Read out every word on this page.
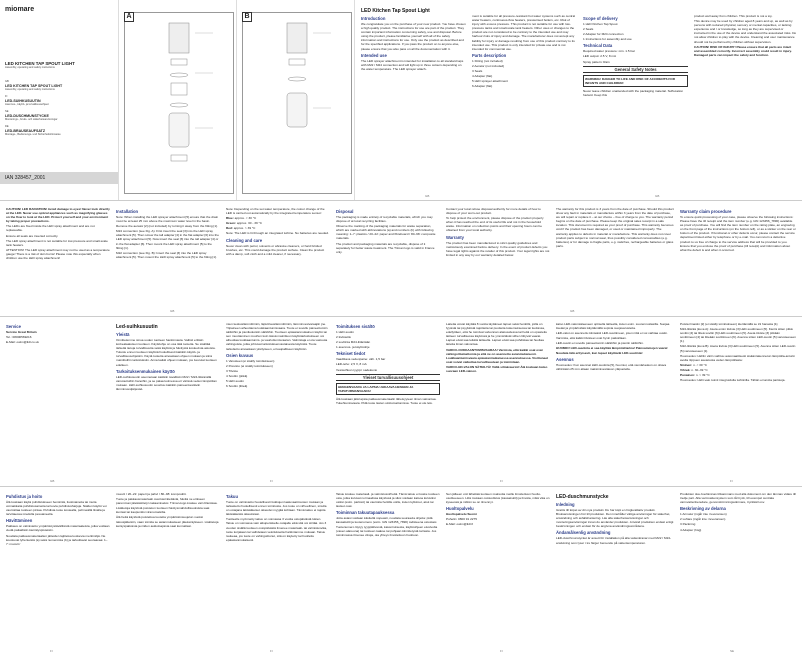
miomare
LED KITCHEN TAP SPOUT LIGHT
Assembly, operating and safety instructions
GB
LED KITCHEN TAP SPOUT LIGHT
Assembly, operating and safety instructions
FI
LED-SUIHKUSUUTIN
Asennus-, käyttö- ja turvallisuusohjeet
SE
LED-DUSCHMUNSTYCKE
Monterings-, bruks- och säkerhetsanvisningar
DE
LED-BRAUSEAUFSATZ
Montage-, Bedienungs- und Sicherheitshinweise
IAN 328457_2001
A	B
LED Kitchen Tap Spout Light
Introduction
We congratulate you on the purchase of your new product. You have chosen a high quality product. The instructions for use are part of the product. They contain important information concerning safety, use and disposal. Before using the product, please familiarise yourself with all of the safety information and instructions for use. Only use the product as described and for the specified applications. If you pass the product on to anyone else, please ensure that you also pass on all the documentation with it.
Intended use
The LED sprayer attachment is intended for installation to all standard taps with M22 / M24 connection and will light up in three colours depending on the water temperature. The LED sprayer attach-
ment is suitable for all pressure-resistant hot water systems such as central water heaters, continuous-flow heaters, pressurised boilers, etc. Risk of injury with excess pressure. This product is not suitable for use with low-pressure tanks and small-scale tank heaters. Other uses or changes to the product are not considered to be contrary to the intended use and may harbour risks of injury and damage. The manufacturer does not accept any liability for injury or damage resulting from use of this product contrary to its intended use. This product is only intended for private use and is not intended for commercial use.
Parts description
1 Fitting (not included)
2 Aerator (not included)
3 Seals
4 Adapter (flat)
5 LED sprayer attachment
6 Adapter (flat)
Scope of delivery
1 LED Kitchen Tap Spout
2 Seals
2 Adapter for M24 connection
1 Instructions for assembly and use
Technical Data
Required water pressure: min. 1.5 bar
LED output: 2.5 V, 8 mA
Spray pattern: Rain
General Safety Notes
WARNING! DANGER TO LIFE AND RISK OF ACCIDENTS FOR INFANTS AND CHILDREN!
Never leave children unattended with the packaging material. Suffocation hazard. Keep this
product well away from children. This product is not a toy.
This device may be used by children aged 8 years and up, as well as by persons with reduced physical, sensory or mental capacities, or lacking experience and / or knowledge, so long as they are supervised or instructed in the use of the device and understand the associated risks. Do not allow children to play with the device. Cleaning and user maintenance should not be performed by children without supervision.
CAUTION! RISK OF INJURY! Please ensure that all parts are intact and assembled correctly. Incorrect assembly could result in injury. Damaged parts can impact the safety and function.
GB	GB
CAUTION! LED RADIATION! Avoid damage to eyes! Never look directly at the LED. Never use optical appliances such as magnifying glasses on the flow to look at the LED. Protect yourself and your environment by taking proper precautions.
The LEDs are fixed inside the LED spray attachment and are not replaceable.
Ensure all seals are inserted correctly.
The LED spray attachment is not suitable for low pressure and small-scale tank heaters.
ATTENTION! The LED spray attachment may not be used as a temperature gauge! There is a risk of skin burns! Please note this especially when children use the LED spray attachment!
Installation
Note: When installing the LED sprayer attachment [5] ensure that the drain must be at least 25 mm above the maximum water level in the basin.
Remove the aerator [2] (not included) by turning it away from the fitting [1].
M24 connection (see Fig. A): First insert the seal [3] into the LED spray attachment [5]. Then screw the tall adapter [4] in the flat adapter [6] into the LED spray attachment [5]. Now insert the seal [3] into the tall adapter [4] or in the flat adapter [6]. Then mount the LED spray attachment [5] to the fitting [1].
M22 connection (see Fig. B): Insert the seal [3] into the LED spray attachment [5]. Then mount the LED spray attachment [5] to the fitting [1].
Note: Depending on the set water temperature, the colour change of the LED is carried out automatically by the integrated temperature sensor:
Blue: approx. < 30 °C
Green: approx. 30 - 39 °C
Red: approx. > 39 °C
Note: The LED is lit through an integrated turbine. No batteries are needed.
Cleaning and care
Never clean with petrol, solvents or abrasive cleaners, or hard bristled brushes, etc. This could damage the product surface. Clean the product with a damp, soft cloth and a mild cleaner, if necessary.
Disposal
The packaging is made entirely of recyclable materials, which you may dispose of at local recycling facilities.
Observe the marking of the packaging materials for waste separation, which are marked with abbreviations (a) and numbers (b) with following meaning: 1–7: plastics / 20–22: paper and fibreboard / 80–98: composite materials.
The product and packaging materials are recyclable, dispose of it separately for better waste treatment. The Triman logo is valid in France only.
Contact your local refuse disposal authority for more details of how to dispose of your worn-out product.
To help protect the environment, please dispose of the product properly when it has reached the end of its useful life and not in the household waste. Information on collection points and their opening hours can be obtained from your local authority.
Warranty
The product has been manufactured to strict quality guidelines and meticulously examined before delivery. In the event of product defects you have legal rights against the retailer of this product. Your legal rights are not limited in any way by our warranty detailed below.
The warranty for this product is 3 years from the date of purchase. Should this product show any fault in materials or manufacture within 3 years from the date of purchase, we will repair or replace it – at our choice – free of charge to you. The warranty period begins on the date of purchase. Please keep the original sales receipt in a safe location. This document is required as your proof of purchase. This warranty becomes void if the product has been damaged, or used or maintained improperly. The warranty applies to defects in material or manufacture. This warranty does not cover product parts subject to normal wear, thus possibly considered consumables (e.g. batteries) or for damage to fragile parts, e.g. switches, rechargeable batteries or glass parts.
Warranty claim procedure
To ensure quick processing of your case, please observe the following instructions: Please have the till receipt and the item number (e.g. IAN 123456_7890) available as proof of purchase. You will find the item number on the rating plate, an engraving on the front page of the instructions (on the bottom left), or as a sticker on the rear or bottom of the product. If functional or other defects occur, please contact the service department listed either by telephone or by e-mail. You can return a defective product to us free of charge to the service address that will be provided to you. Ensure that you enclose the proof of purchase (till receipt) and information about what the defect is and when it occurred.
GB	GB
Service
Service Great Britain
Tel.: 08000569216
E-Mail: owim@lidl.co.uk
Led-suihkusuutin
Yleistä
Onnittelemme sinua uuden tuotteen hankinnasta. Valitsit erittäin korkealaatuisen tuotteen. Käyttöohje on osa tätä tuotetta. Se sisältää tärkeitä tietoja turvallisuutta sekä käyttöä ja hävitystä koskevista asioista. Tutustu ennen tuotteen käyttöä huolellisesti kaikkiin käyttö- ja turvallisuusohjeisiin. Käytä tuotetta ainoastaan ohjeen mukaan ja siinä mainittuihin tarkoituksiin. Anna kaikki ohjeet mukaan, jos luovutat tuotteen edelleen.
Tarkoituksenmukainen käyttö
LED-suihkusuutin asennetaan kaikkiin tavallisiin M22 / M24-liitännällä varustettuihin hanoihin, ja se palaa kolmessa eri värissä veden lämpötilan mukaan. LED-suihkusuutin soveltuu kaikkiin paineenkestäviin lämminvesijärjestel-
mien keskuslämmittimiin, läpivirtauslämmittimiin, lämminvesivaraajiin jne. Ylipaineen aiheuttama loukkaantumisvaara. Tuote ei sovellu paineettomiin säiliöihin ja pienikokoisiin säiliöihin. Tuotteen epäasianmukainen käyttö tai sen muuttaminen muuhun kuin tässä mainittuun käyttötarkoitukseen voi aiheuttaa loukkaantumis- ja vaurioitumisvaaran. Valmistaja ei ota vastuuta vahingoista, jotka johtuvat tarkoituksenvastaisesta käytöstä. Tuote tarkoitettu ainoastaan yksityiseen, ei kaupalliseen käyttöön.
Osien kuvaus
1 Varusteet (ei sisälly toimitukseen)
2 Poreisto (ei sisälly toimitukseen)
3 Tiiviste
4 Sovitin (pitkä)
5 LED-suutin
6 Sovitin (litteä)
Toimituksen sisältö
1 LED-suutin
2 tiivistettä
2 sovitinta M24-liitäntään
1 asennus- ja käyttöohje
Tekniset tiedot
Vaadittava vedenpaine: väh. 1,5 bar
LED-teho: 2,5 V, 8 mA
Vesisuihkun tyyppi: sadekuvio
Yleiset turvallisuusohjeet
HENGENVAARA JA LAPSIA UHKAAVA HENGEN JA TAPATURMANVAARA!
Älä koskaan jätä lapsia pakkausmateriaalin läheisyyteen ilman valvontaa. Tukehtumisvaara. Pidä tuote lasten ulottumattomissa. Tuote ei ole lelu.
Laitetta voivat käyttää 8 vuotta täyttäneet lapset sekä henkilöt, joilla on fyysisiä tai psyykkisiä rajoitteita tai puutteita kokemuksessa tai tiedoissa, edellyttäen, että he toimivat valvonnan alaisuudessa tai heitä on opastettu laitteen turvallisessa käytössä ja he ymmärtävät siihen liittyvät vaarat. Lapset eivät saa leikkiä laitteella. Lapset eivät saa puhdistaa tai huoltaa laitetta ilman valvontaa.
VAROI LOUKKAANTUMISVAARAA! Varmista, että kaikki osat ovat vahingoittumattomia ja että ne on asennettu asianmukaisesti. Loukkaantumisvaara epäasianmukaisessa asennuksessa. Vioittuneet osat voivat vaikuttaa turvallisuuteen ja toimintaan.
VAROI LED-VALON SÄTEILYÄ! Vältä silmävauriot! Älä koskaan katso suoraan LED-valoon.
katso LED-valonsäteeseen optisella laitteella, kuten esim. suurennuslasilla. Suojaa itseäsi ja ympäristöäsi käyttämällä sopivia suojavarusteita.
LED-valot on asennettu kiinteästi LED-suuttimeen, joten niitä ei voi vaihtaa uusiin.
Varmista, että kaikki tiivisteet ovat hyvin paikoillaan.
LED-suutin ei sovellu paineettomiin säiliöihin ja pieniin säiliöihin.
HUOMIO! LED-suutinta ei saa käyttää lämpömittarina! Palovammojen vaara! Noudata tätä erityisesti, kun lapset käyttävät LED-suutinta!
Asennus
Huomautus: Kun asennat LED-suutinta [5], huomioi, että viemäriaukon on oltava vähintään 25 mm altaan maksimivesitason yläpuolella.
Poista ilmastin [2] (ei sisälly toimitukseen) kiertämällä se irti hanasta [1].
M24-liitäntä (kuva A): Aseta ensin tiiviste [3] LED-suuttimeen [5]. Kierrä sitten pitkä sovitin [4] tai litteä sovitin [6] LED-suuttimeen [5]. Aseta tiiviste [3] pitkään sovittimeen [4] tai litteään sovittimeen [6]. Asenna sitten LED-suutin [5] varusteeseen [1].
M22-liitäntä (kuva B): Aseta tiiviste [3] LED-suuttimeen [5]. Asenna sitten LED-suutin [5] varusteeseen [1].
Huomautus: LEDin värin vaihtuu automaattisesti sisäänrakennetun lämpötila-anturin avulla riippuen asetetusta veden lämpötilasta:
Sininen: n. < 30 °C
Vihreä: n. 30–39 °C
Punainen: n. > 39 °C
Huomautus: LED-valo toimii integroidulla turbiinilla. Tähän ei tarvita paristoja.
GB	FI	FI	FI
Puhdistus ja hoito
Älä koskaan käytä puhdistukseen bensiiniä, liuotinaineita tai muita voimakkaita puhdistusaineita tai kovia puhdistusharjoja. Näiden käyttö voi vaurioittaa tuotteen pintaa. Puhdista tuote kostealla, pehmeällä liinalla ja tarvittaessa miedolla pesuaineella.
Hävittäminen
Pakkaus on valmistettu ympäristöystävällisistä materiaaleista, jotka voidaan viedä paikallisiin kierrätyspisteisiin.
Noudata pakkausmateriaalien jätteiden lajittelua koskevia merkintöjä. Ne koostuvat lyhenteistä (a) sekä numeroista (b) ja tarkoittavat seuraavaa: 1–7: muovit /
muovit / 20–22: paperi ja pahvi / 80–98: komposiitit.
Tuote ja pakkausmateriaali ovat kierrätettäviä, hävitä ne erikseen paremman jätekäsittelyn takaamiseksi. Triman-logo koskee vain Ranskaa.
Lisätietoja käytöstä poistetun tuotteen hävitysmahdollisuuksista saat kuntasi tai kaupunkisi viranomaisilta.
Älä heitä käytöstä poistettua tuotetta ympäristönsuojelun vuoksi talousjätteisiin, vaan toimita se asianmukaiseen jätekeräykseen. Lisätietoja keräyspaikoista ja niiden aukioloajoista saat kunnaltasi.
Takuu
Tuote on valmistettu huolellisesti tiukkojen laatuvaatimusten mukaan ja tarkastettu huolellisesti ennen toimitusta. Jos tuote on virheellinen, sinulla on ostajana lakisääteiset oikeudet myyjää kohtaan. Tämä takuu ei rajoita lakisääteisiä oikeuksiasi.
Tuotteelle myönnetty takuu on voimassa 3 vuotta ostopäivästä lukien. Takuu on voimassa vain alkuperäiselle ostajalle eikä sitä voi siirtää. Jos 3 vuoden sisällä tuotteen ostopäivästä ilmenee materiaali- tai valmistusvika, tuote korjataan tai vaihdetaan veloituksetta harkintamme mukaan. Takuu raukeaa, jos tuote on vahingoittunut, sitä on käytetty tai huollettu epäasianmukaisesti.
Takuu koskee materiaali- ja valmistusvirheitä. Tämä takuu ei koske tuotteen osia, jotka kuluvat normaalissa käytössä ja siksi voidaan katsoa kuluviksi osiksi (esim. paristot) tai vaurioita herkille osille, kuten kytkimet, akut tai lasiset osat.
Toiminnan takuutapauksessa
Jotta asiasi voidaan käsitellä nopeasti, noudata seuraavia ohjeita: pidä kassakuitti ja tuotenumero (esim. IAN 123456_7890) todisteena ostostasi. Tuotenumero löytyy tyyppikilvestä, kaiverruksesta, käyttöohjeen etusivulta (vasen alareuna) tai tuotteen taakse tai pohjaan kiinnitetystä tarrasta. Jos toiminnassa ilmenee vikoja, ota yhteys ilmoitettuun huoltoon.
Sen jälkeen voit lähettää tuotteen maksutta meille ilmoitettuun huolto-osoitteeseen. Liitä mukaan ostotodistus (kassakuitti) ja ilmoita, mikä vika on kyseessä ja milloin se on ilmennyt.
Huoltopalvelu
Huoltopalvelu Suomi
Puhelin: 0800 91 2275
E-Mail: owim@lidl.fi
LED-duschmunstycke
Inledning
Grattis till köpet av din nya produkt. Du har köpt en högkvalitativ produkt. Bruksanvisningen hör till produkten. Den innehåller viktiga anvisningar för säkerhet, användning och avfallshantering. Läs alla säkerhetsanvisningar och monteringsanvisningar innan du använder produkten. Använd produkten endast enligt beskrivningen och endast för de angivna användningsområdena.
Ändamålsenlig användning
LED-duschmunstycket är avsett för installation på alla vattenkranar med M22 / M24-anslutning som lyser i tre färger beroende på vattentemperaturen.
Produkten ska överlämnas tillsammans med alla dokument om den lämnas vidare till tredje part. Alla varmvattensystem som tål tryck, till exempel centrala varmvattenberedare, genomströmningsvärmare, tryckkärl osv.
Beskrivning av delarna
1 Armatur (ingår inte i leveransen)
2 Luftare (ingår inte i leveransen)
3 Packning
4 Adapter (hög)
FI	FI	FI	SE
